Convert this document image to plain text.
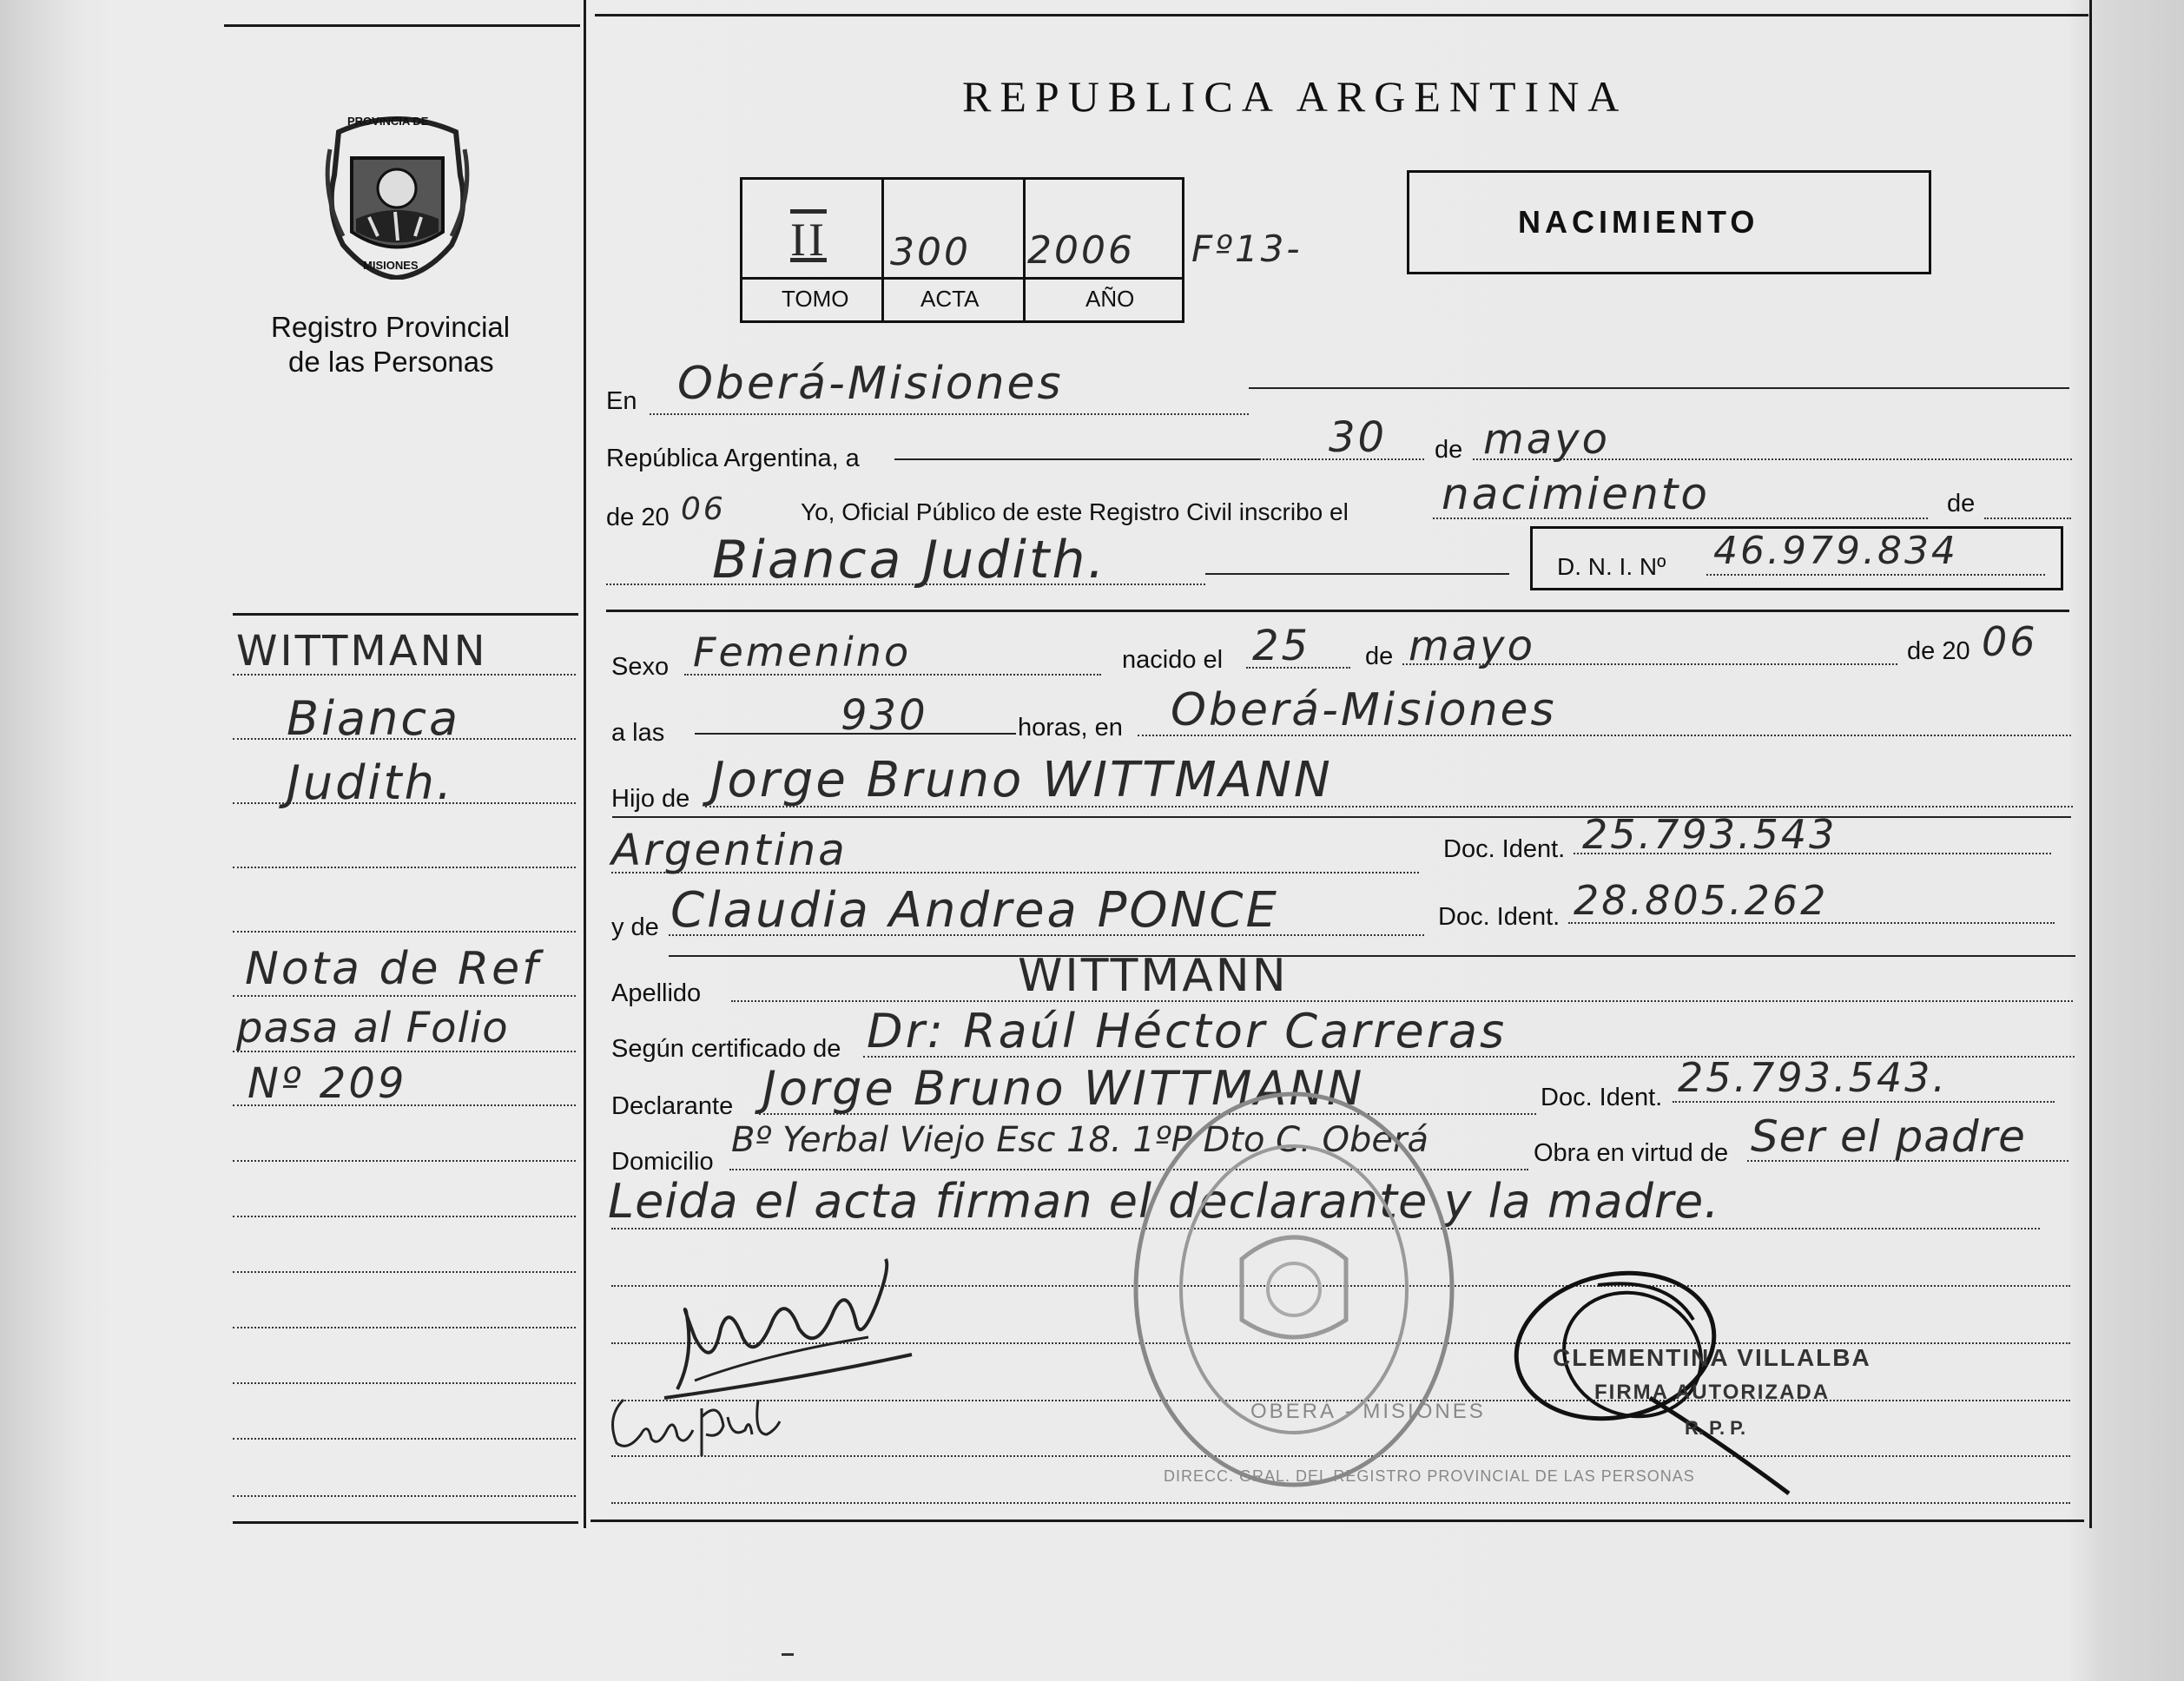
PROVINCIA DE
MISIONES
Registro Provincial
de las Personas
REPUBLICA ARGENTINA
II 300 2006
TOMO	ACTA	AÑO
Fº13-
NACIMIENTO
WITTMANN
Bianca
Judith.
Nota de Ref
pasa al Folio
Nº 209
En Oberá-Misiones
República Argentina, a	30 de mayo
de 20 06	Yo, Oficial Público de este Registro Civil inscribo el nacimiento	de
Bianca Judith.	D. N. I. Nº 46.979.834
Sexo Femenino	nacido el 25 de mayo	de 20 06
a las	930	horas, en Oberá-Misiones
Hijo de Jorge Bruno WITTMANN
Argentina	Doc. Ident. 25.793.543
y de Claudia Andrea PONCE	Doc. Ident. 28.805.262
Apellido	WITTMANN
Según certificado de Dr: Raúl Héctor Carreras
Declarante Jorge Bruno WITTMANN	Doc. Ident. 25.793.543.
Domicilio
Bº Yerbal Viejo Esc 18. 1ºP Dto C. Oberá	Obra en virtud de Ser el padre
Leida el acta firman el declarante y la madre.
DIRECC. GRAL. DEL REGISTRO PROVINCIAL DE LAS PERSONAS
OBERÁ - MISIONES
CLEMENTINA VILLALBA
FIRMA AUTORIZADA
R. P. P.
